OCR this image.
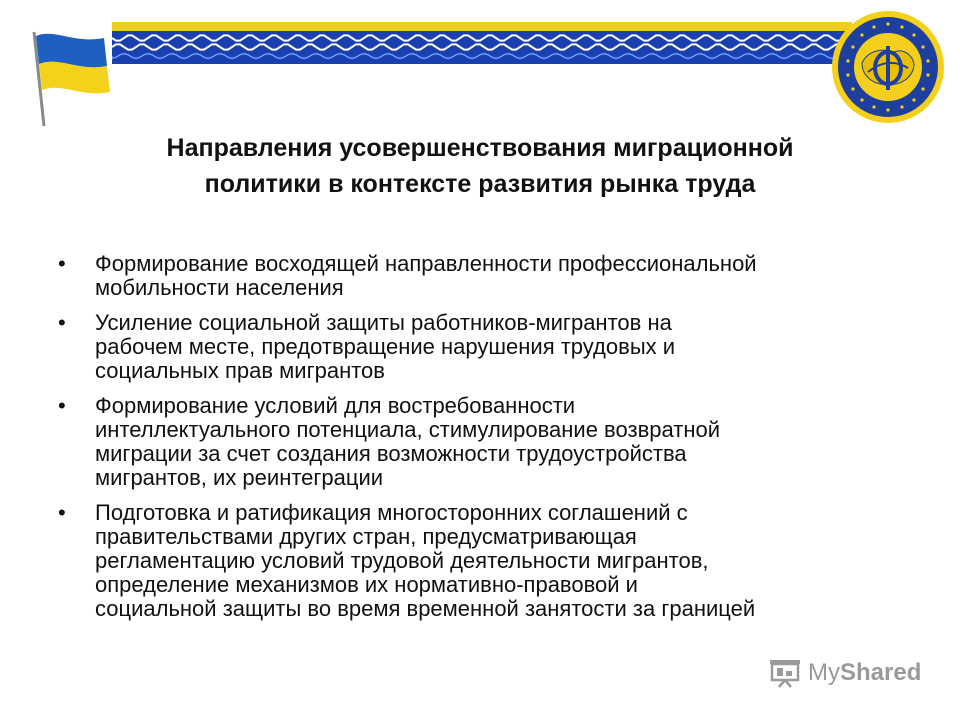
Направления усовершенствования миграционной
политики в контексте развития рынка труда
•	Формирование восходящей направленности профессиональной
мобильности населения
•	Усиление социальной защиты работников-мигрантов на
рабочем месте, предотвращение нарушения трудовых и
социальных прав мигрантов
•	Формирование условий для востребованности
интеллектуального потенциала, стимулирование возвратной
миграции за счет создания возможности трудоустройства
мигрантов, их реинтеграции
•	Подготовка и ратификация многосторонних соглашений с
правительствами других стран, предусматривающая
регламентацию условий трудовой деятельности мигрантов,
определение механизмов их нормативно-правовой и
социальной защиты во время временной занятости за границей
MyShared
